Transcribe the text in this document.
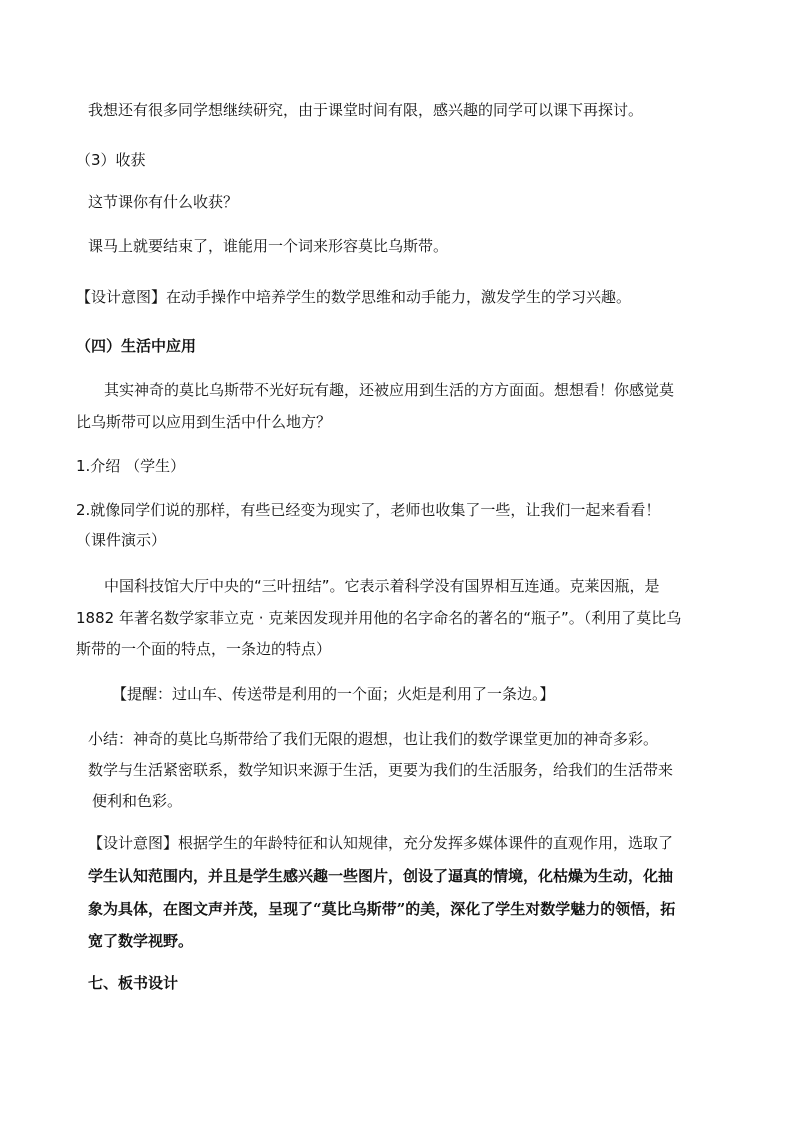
我想还有很多同学想继续研究，由于课堂时间有限，感兴趣的同学可以课下再探讨。
（3）收获
这节课你有什么收获？
课马上就要结束了，谁能用一个词来形容莫比乌斯带。
【设计意图】在动手操作中培养学生的数学思维和动手能力，激发学生的学习兴趣。
（四）生活中应用
其实神奇的莫比乌斯带不光好玩有趣，还被应用到生活的方方面面。想想看！你感觉莫
比乌斯带可以应用到生活中什么地方？
1.介绍 （学生）
2.就像同学们说的那样，有些已经变为现实了，老师也收集了一些，让我们一起来看看！
（课件演示）
中国科技馆大厅中央的“三叶扭结”。它表示着科学没有国界相互连通。克莱因瓶，是
1882 年著名数学家菲立克 · 克莱因发现并用他的名字命名的著名的“瓶子”。（利用了莫比乌
斯带的一个面的特点，一条边的特点）
【提醒：过山车、传送带是利用的一个面；火炬是利用了一条边。】
小结：神奇的莫比乌斯带给了我们无限的遐想，也让我们的数学课堂更加的神奇多彩。
数学与生活紧密联系，数学知识来源于生活，更要为我们的生活服务，给我们的生活带来
便利和色彩。
【设计意图】根据学生的年龄特征和认知规律，充分发挥多媒体课件的直观作用，选取了
学生认知范围内，并且是学生感兴趣一些图片，创设了逼真的情境，化枯燥为生动，化抽
象为具体，在图文声并茂，呈现了“莫比乌斯带”的美，深化了学生对数学魅力的领悟，拓
宽了数学视野。
七、板书设计
